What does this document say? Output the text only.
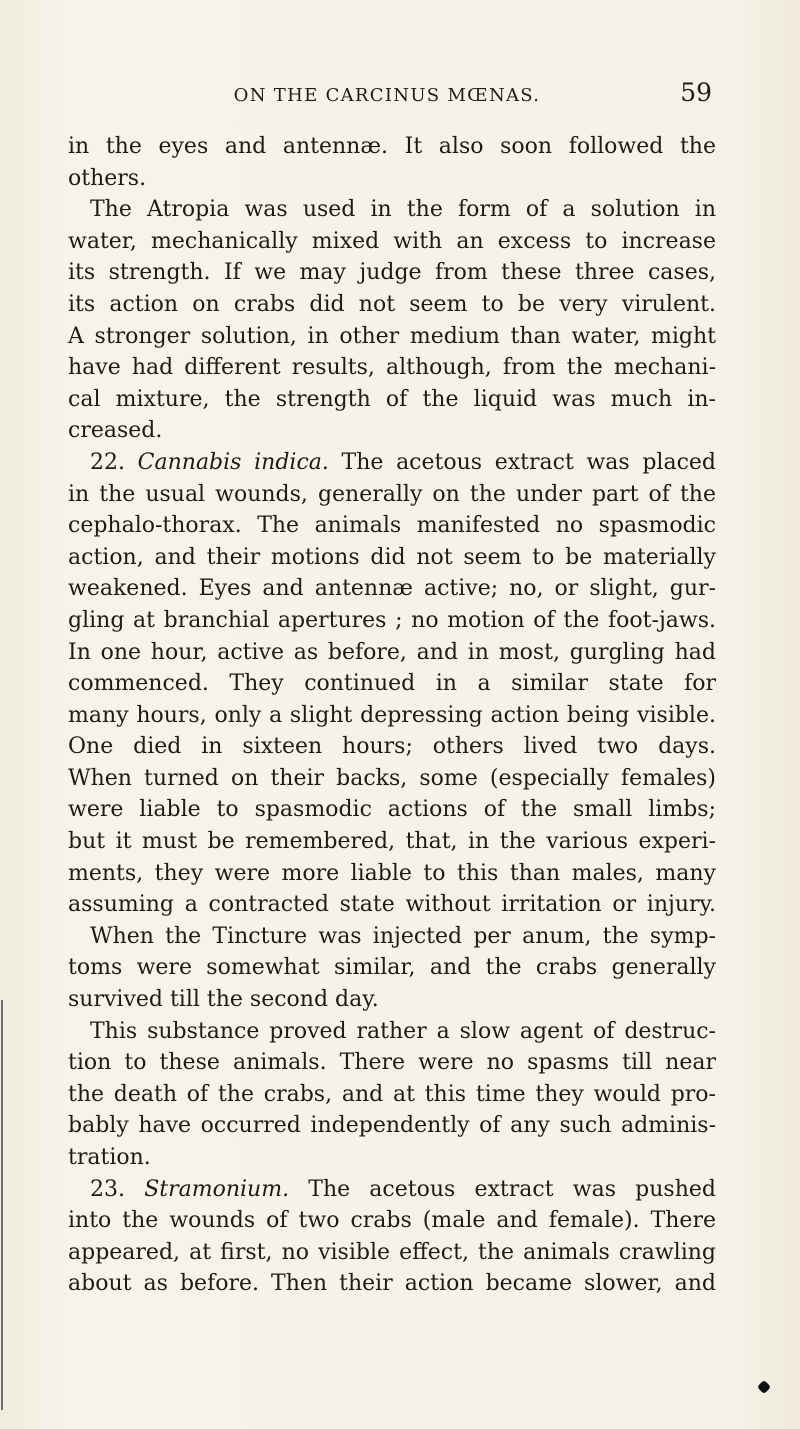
ON THE CARCINUS MŒNAS.	59
in the eyes and antennæ. It also soon followed the
others.
The Atropia was used in the form of a solution in
water, mechanically mixed with an excess to increase
its strength. If we may judge from these three cases,
its action on crabs did not seem to be very virulent.
A stronger solution, in other medium than water, might
have had different results, although, from the mechani-
cal mixture, the strength of the liquid was much in-
creased.
22. Cannabis indica. The acetous extract was placed
in the usual wounds, generally on the under part of the
cephalo-thorax. The animals manifested no spasmodic
action, and their motions did not seem to be materially
weakened. Eyes and antennæ active; no, or slight, gur-
gling at branchial apertures ; no motion of the foot-jaws.
In one hour, active as before, and in most, gurgling had
commenced. They continued in a similar state for
many hours, only a slight depressing action being visible.
One died in sixteen hours; others lived two days.
When turned on their backs, some (especially females)
were liable to spasmodic actions of the small limbs;
but it must be remembered, that, in the various experi-
ments, they were more liable to this than males, many
assuming a contracted state without irritation or injury.
When the Tincture was injected per anum, the symp-
toms were somewhat similar, and the crabs generally
survived till the second day.
This substance proved rather a slow agent of destruc-
tion to these animals. There were no spasms till near
the death of the crabs, and at this time they would pro-
bably have occurred independently of any such adminis-
tration.
23. Stramonium. The acetous extract was pushed
into the wounds of two crabs (male and female). There
appeared, at first, no visible effect, the animals crawling
about as before. Then their action became slower, and
